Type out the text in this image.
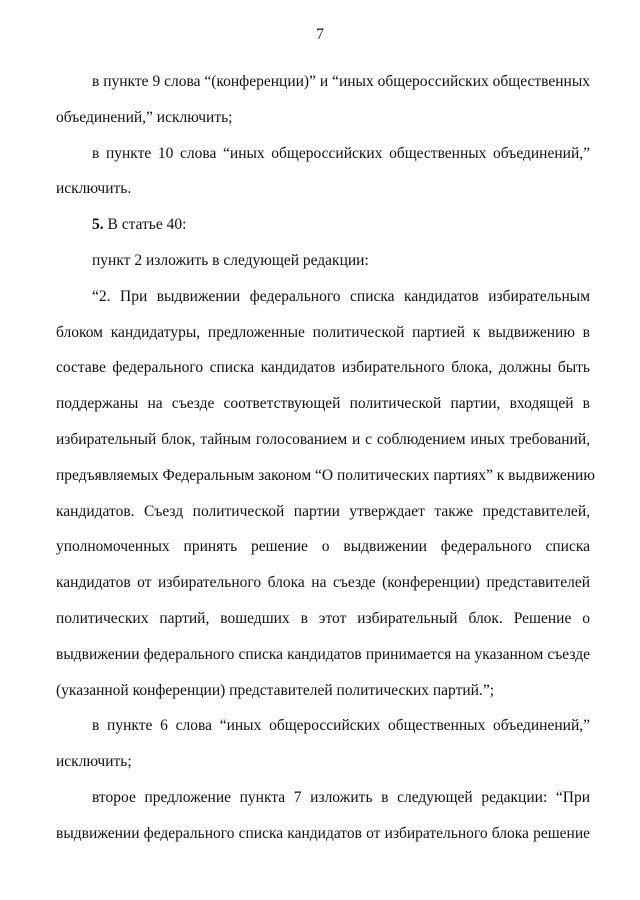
7
в пункте 9 слова “(конференции)” и “иных общероссийских общественных
объединений,” исключить;
в пункте 10 слова “иных общероссийских общественных объединений,”
исключить.
5. В статье 40:
пункт 2 изложить в следующей редакции:
“2. При выдвижении федерального списка кандидатов избирательным
блоком кандидатуры, предложенные политической партией к выдвижению в
составе федерального списка кандидатов избирательного блока, должны быть
поддержаны на съезде соответствующей политической партии, входящей в
избирательный блок, тайным голосованием и с соблюдением иных требований,
предъявляемых Федеральным законом “О политических партиях” к выдвижению
кандидатов. Съезд политической партии утверждает также представителей,
уполномоченных принять решение о выдвижении федерального списка
кандидатов от избирательного блока на съезде (конференции) представителей
политических партий, вошедших в этот избирательный блок. Решение о
выдвижении федерального списка кандидатов принимается на указанном съезде
(указанной конференции) представителей политических партий.”;
в пункте 6 слова “иных общероссийских общественных объединений,”
исключить;
второе предложение пункта 7 изложить в следующей редакции: “При
выдвижении федерального списка кандидатов от избирательного блока решение
